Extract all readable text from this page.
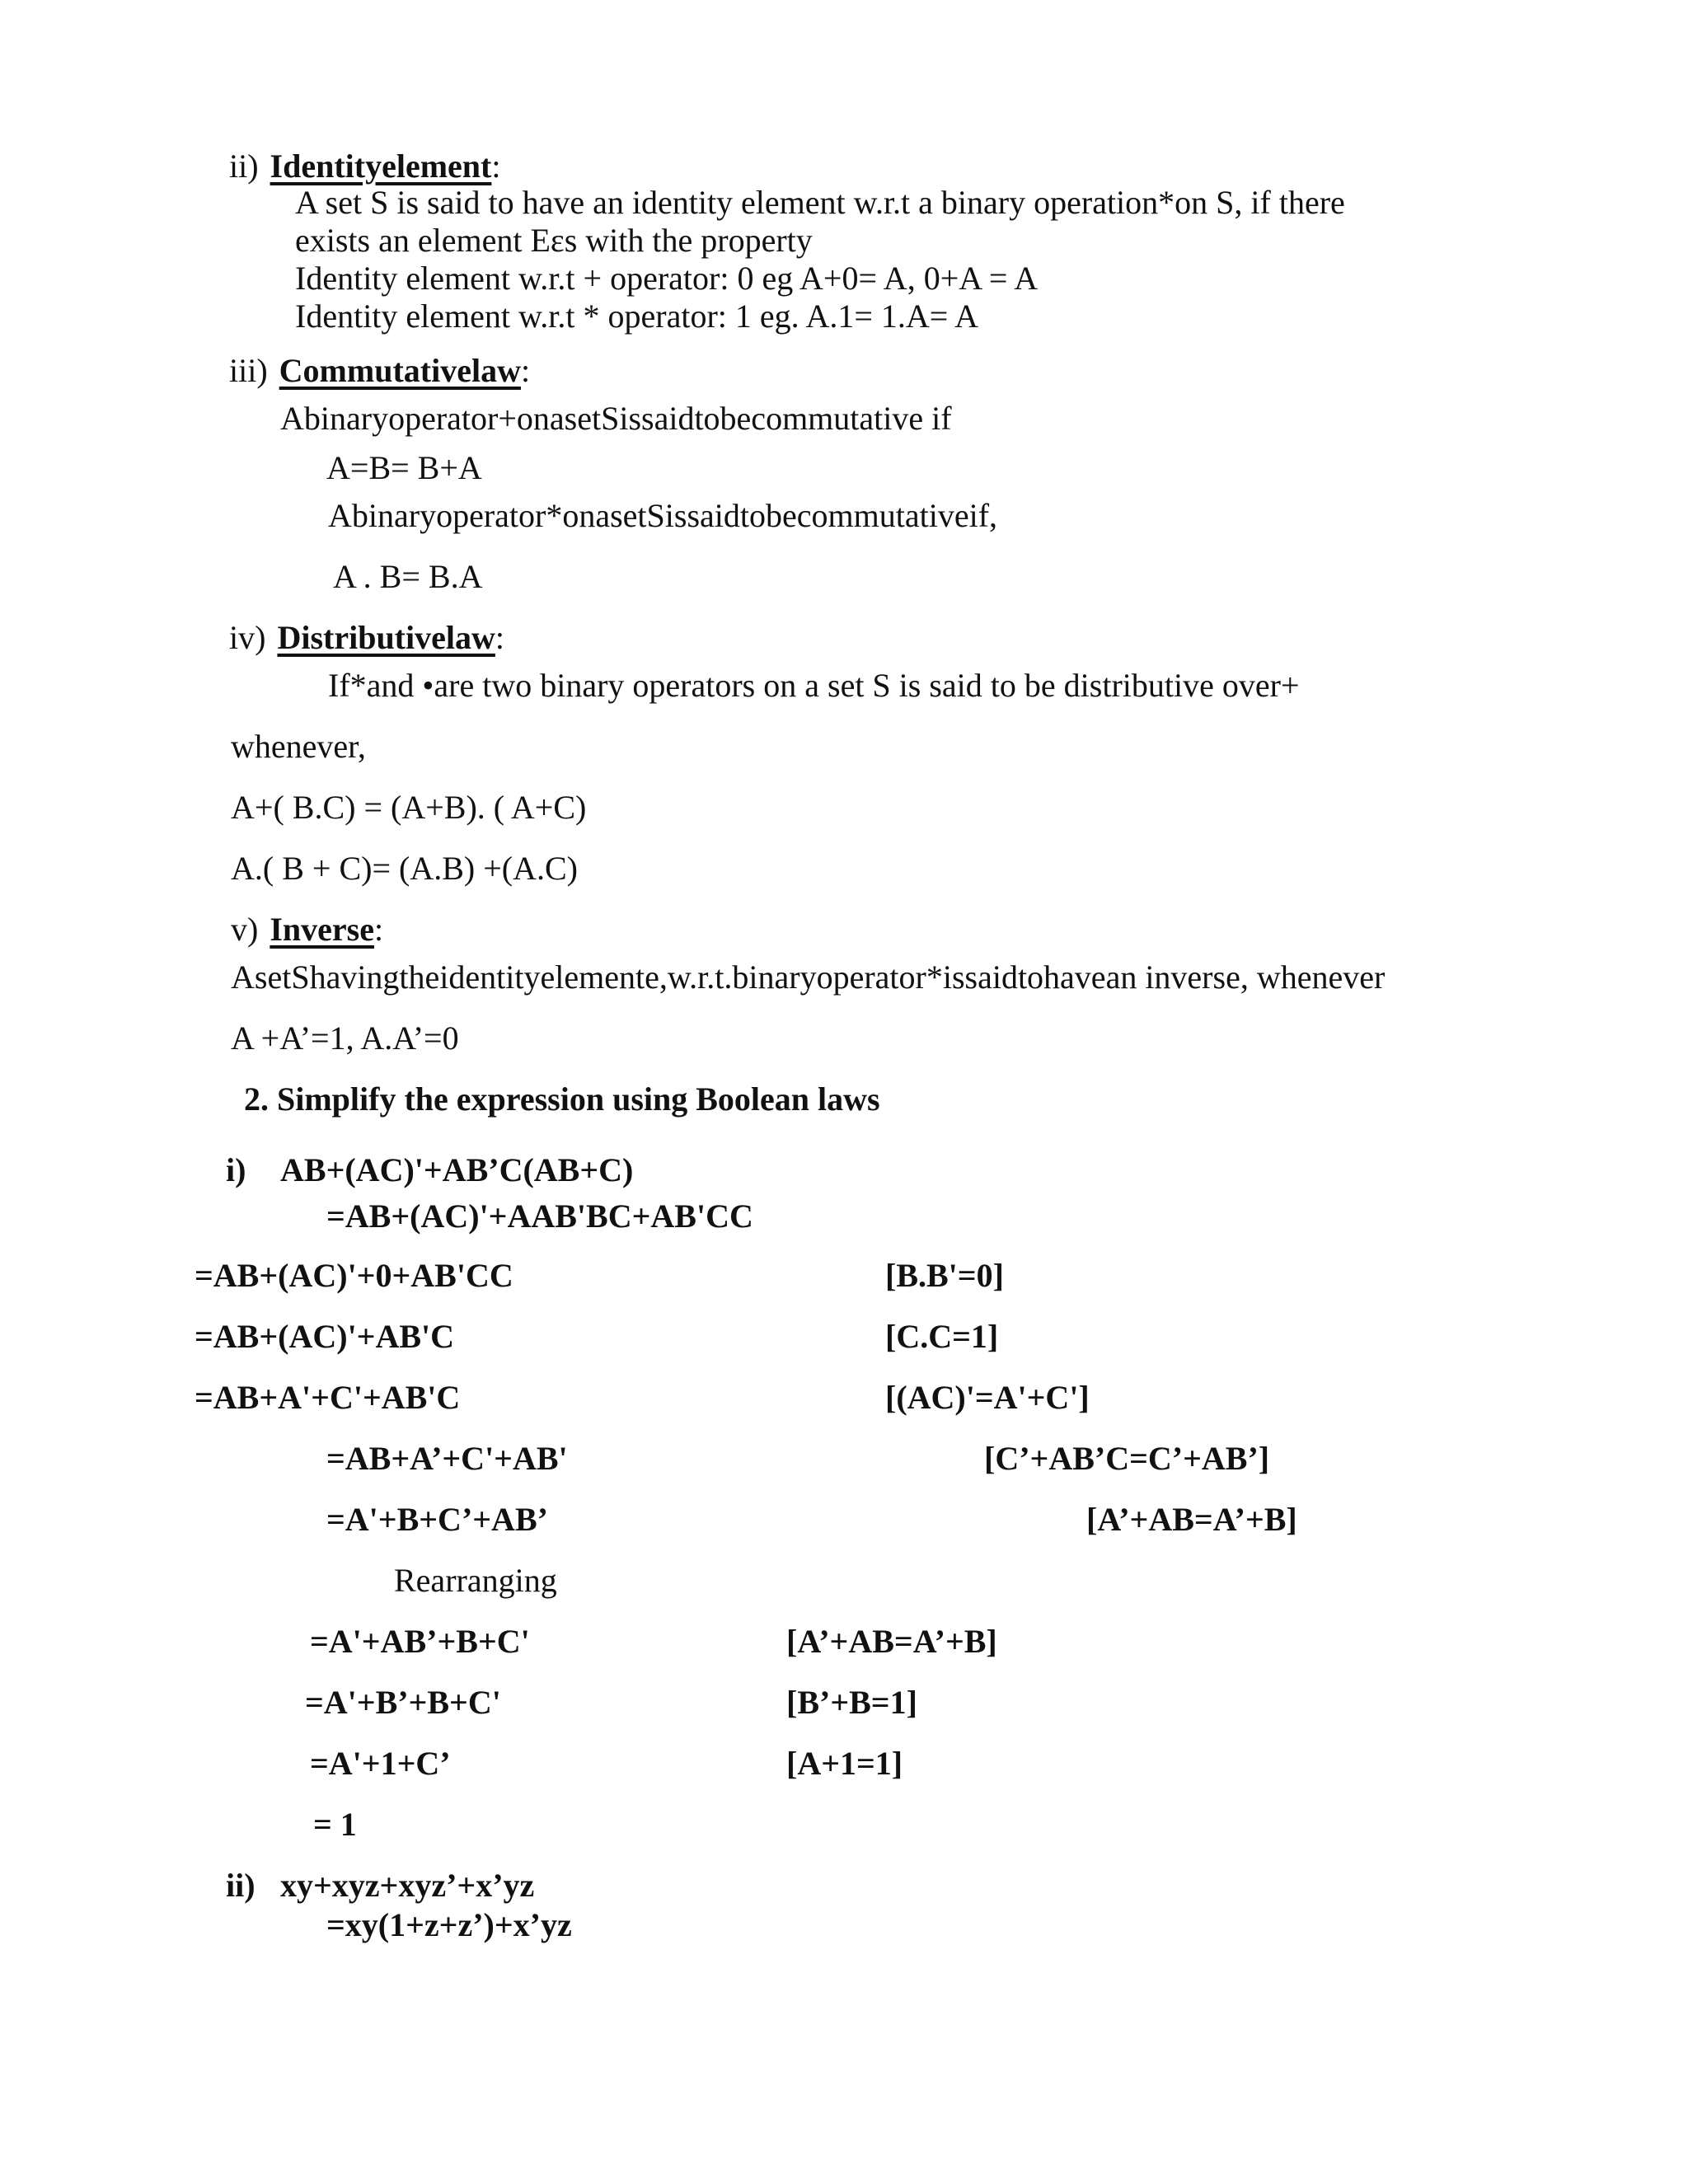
ii) Identityelement:
A set S is said to have an identity element w.r.t a binary operation*on S, if there
exists an element Eεs with the property
Identity element w.r.t + operator: 0 eg A+0= A, 0+A = A
Identity element w.r.t * operator: 1 eg. A.1= 1.A= A
iii) Commutativelaw:
Abinaryoperator+onasetSissaidtobecommutative if
A=B= B+A
Abinaryoperator*onasetSissaidtobecommutativeif,
A . B= B.A
iv) Distributivelaw:
If*and •are two binary operators on a set S is said to be distributive over+
whenever,
A+( B.C) = (A+B). ( A+C)
A.( B + C)= (A.B) +(A.C)
v) Inverse:
AsetShavingtheidentityelemente,w.r.t.binaryoperator*issaidtohavean inverse, whenever
A +A’=1, A.A’=0
2. Simplify the expression using Boolean laws
i) AB+(AC)'+AB’C(AB+C)
=AB+(AC)'+AAB'BC+AB'CC
=AB+(AC)'+0+AB'CC	[B.B'=0]
=AB+(AC)'+AB'C	[C.C=1]
=AB+A'+C'+AB'C	[(AC)'=A'+C']
=AB+A’+C'+AB'	[C’+AB’C=C’+AB’]
=A'+B+C’+AB’	[A’+AB=A’+B]
Rearranging
=A'+AB’+B+C'	[A’+AB=A’+B]
=A'+B’+B+C'	[B’+B=1]
=A'+1+C’	[A+1=1]
= 1
ii) xy+xyz+xyz’+x’yz
=xy(1+z+z’)+x’yz
